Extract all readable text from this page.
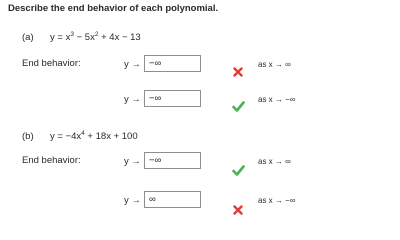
Describe the end behavior of each polynomial.
(a) $y = x^3 - 5x^2 + 4x - 13$
End behavior:	y → −∞	as x → ∞
y → −∞	as x → −∞
(b) $y = -4x^4 + 18x + 100$
End behavior:	y → −∞	as x → ∞
y → ∞	as x → −∞
